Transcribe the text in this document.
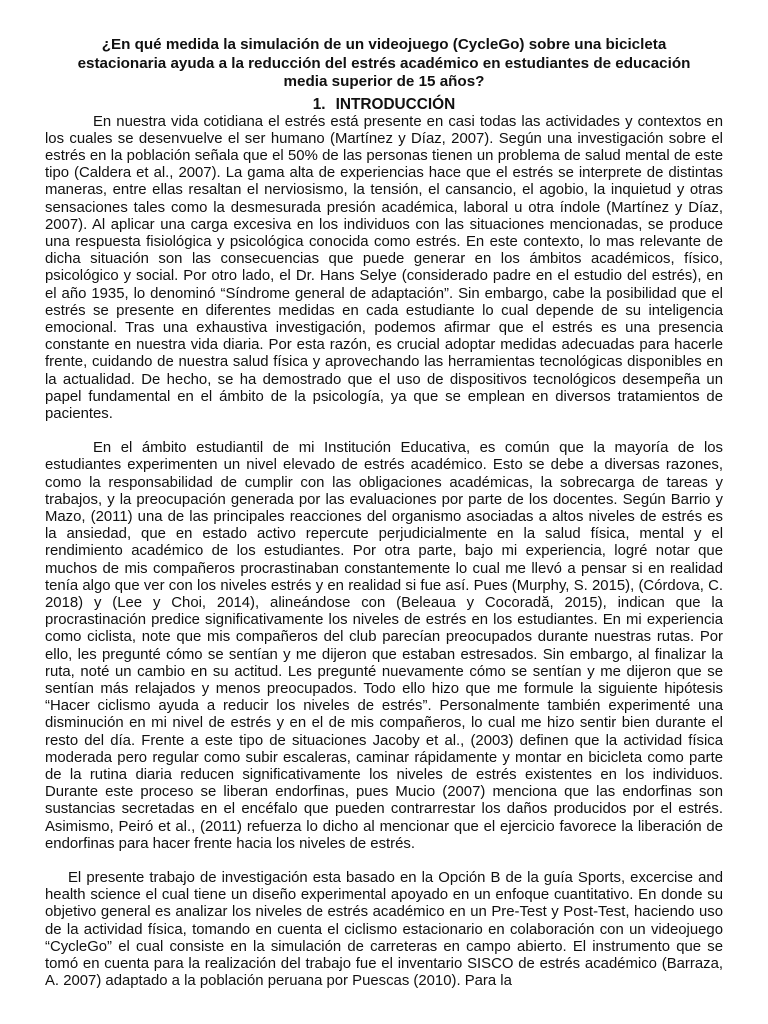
¿En qué medida la simulación de un videojuego (CycleGo) sobre una bicicleta estacionaria ayuda a la reducción del estrés académico en estudiantes de educación media superior de 15 años?
1. INTRODUCCIÓN

En nuestra vida cotidiana el estrés está presente en casi todas las actividades y contextos en los cuales se desenvuelve el ser humano (Martínez y Díaz, 2007). Según una investigación sobre el estrés en la población señala que el 50% de las personas tienen un problema de salud mental de este tipo (Caldera et al., 2007). La gama alta de experiencias hace que el estrés se interprete de distintas maneras, entre ellas resaltan el nerviosismo, la tensión, el cansancio, el agobio, la inquietud y otras sensaciones tales como la desmesurada presión académica, laboral u otra índole (Martínez y Díaz, 2007). Al aplicar una carga excesiva en los individuos con las situaciones mencionadas, se produce una respuesta fisiológica y psicológica conocida como estrés. En este contexto, lo mas relevante de dicha situación son las consecuencias que puede generar en los ámbitos académicos, físico, psicológico y social. Por otro lado, el Dr. Hans Selye (considerado padre en el estudio del estrés), en el año 1935, lo denominó “Síndrome general de adaptación”. Sin embargo, cabe la posibilidad que el estrés se presente en diferentes medidas en cada estudiante lo cual depende de su inteligencia emocional. Tras una exhaustiva investigación, podemos afirmar que el estrés es una presencia constante en nuestra vida diaria. Por esta razón, es crucial adoptar medidas adecuadas para hacerle frente, cuidando de nuestra salud física y aprovechando las herramientas tecnológicas disponibles en la actualidad. De hecho, se ha demostrado que el uso de dispositivos tecnológicos desempeña un papel fundamental en el ámbito de la psicología, ya que se emplean en diversos tratamientos de pacientes.

En el ámbito estudiantil de mi Institución Educativa, es común que la mayoría de los estudiantes experimenten un nivel elevado de estrés académico. Esto se debe a diversas razones, como la responsabilidad de cumplir con las obligaciones académicas, la sobrecarga de tareas y trabajos, y la preocupación generada por las evaluaciones por parte de los docentes. Según Barrio y Mazo, (2011) una de las principales reacciones del organismo asociadas a altos niveles de estrés es la ansiedad, que en estado activo repercute perjudicialmente en la salud física, mental y el rendimiento académico de los estudiantes. Por otra parte, bajo mi experiencia, logré notar que muchos de mis compañeros procrastinaban constantemente lo cual me llevó a pensar si en realidad tenía algo que ver con los niveles estrés y en realidad si fue así. Pues (Murphy, S. 2015), (Córdova, C. 2018) y (Lee y Choi, 2014), alineándose con (Beleaua y Cocoradă, 2015), indican que la procrastinación predice significativamente los niveles de estrés en los estudiantes. En mi experiencia como ciclista, note que mis compañeros del club parecían preocupados durante nuestras rutas. Por ello, les pregunté cómo se sentían y me dijeron que estaban estresados. Sin embargo, al finalizar la ruta, noté un cambio en su actitud. Les pregunté nuevamente cómo se sentían y me dijeron que se sentían más relajados y menos preocupados. Todo ello hizo que me formule la siguiente hipótesis “Hacer ciclismo ayuda a reducir los niveles de estrés”. Personalmente también experimenté una disminución en mi nivel de estrés y en el de mis compañeros, lo cual me hizo sentir bien durante el resto del día. Frente a este tipo de situaciones Jacoby et al., (2003) definen que la actividad física moderada pero regular como subir escaleras, caminar rápidamente y montar en bicicleta como parte de la rutina diaria reducen significativamente los niveles de estrés existentes en los individuos. Durante este proceso se liberan endorfinas, pues Mucio (2007) menciona que las endorfinas son sustancias secretadas en el encéfalo que pueden contrarrestar los daños producidos por el estrés. Asimismo, Peiró et al., (2011) refuerza lo dicho al mencionar que el ejercicio favorece la liberación de endorfinas para hacer frente hacia los niveles de estrés.

El presente trabajo de investigación esta basado en la Opción B de la guía Sports, excercise and health science el cual tiene un diseño experimental apoyado en un enfoque cuantitativo. En donde su objetivo general es analizar los niveles de estrés académico en un Pre-Test y Post-Test, haciendo uso de la actividad física, tomando en cuenta el ciclismo estacionario en colaboración con un videojuego “CycleGo” el cual consiste en la simulación de carreteras en campo abierto. El instrumento que se tomó en cuenta para la realización del trabajo fue el inventario SISCO de estrés académico (Barraza, A. 2007) adaptado a la población peruana por Puescas (2010). Para la
